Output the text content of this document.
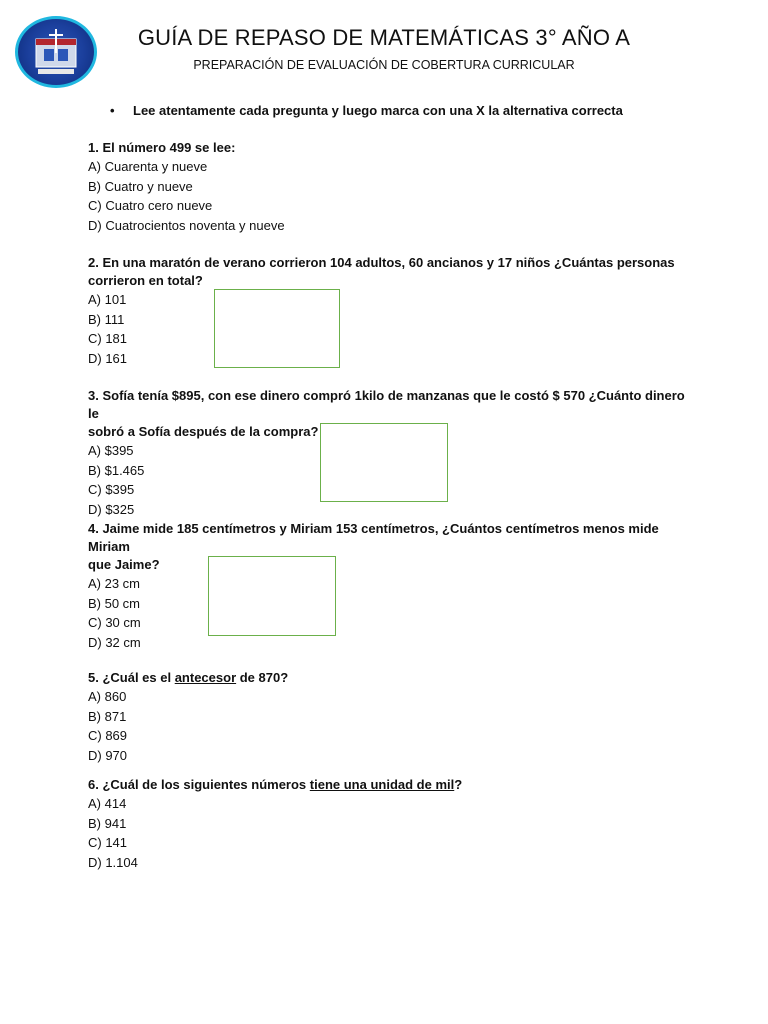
GUÍA DE REPASO DE MATEMÁTICAS 3° AÑO A
PREPARACIÓN DE EVALUACIÓN DE COBERTURA CURRICULAR
• Lee atentamente cada pregunta y luego marca con una X la alternativa correcta
1. El número 499 se lee:
A) Cuarenta y nueve
B) Cuatro y nueve
C) Cuatro cero nueve
D) Cuatrocientos noventa y nueve
2. En una maratón de verano corrieron 104 adultos, 60 ancianos y 17 niños ¿Cuántas personas
corrieron en total?
A) 101
B) 111
C) 181
D) 161
3. Sofía tenía $895, con ese dinero compró 1kilo de manzanas que le costó $ 570 ¿Cuánto dinero le
sobró a Sofía después de la compra?
A) $395
B) $1.465
C) $395
D) $325
4. Jaime mide 185 centímetros y Miriam 153 centímetros, ¿Cuántos centímetros menos mide Miriam
que Jaime?
A) 23 cm
B) 50 cm
C) 30 cm
D) 32 cm
5. ¿Cuál es el antecesor de 870?
A) 860
B) 871
C) 869
D) 970
6. ¿Cuál de los siguientes números tiene una unidad de mil?
A) 414
B) 941
C) 141
D) 1.104
